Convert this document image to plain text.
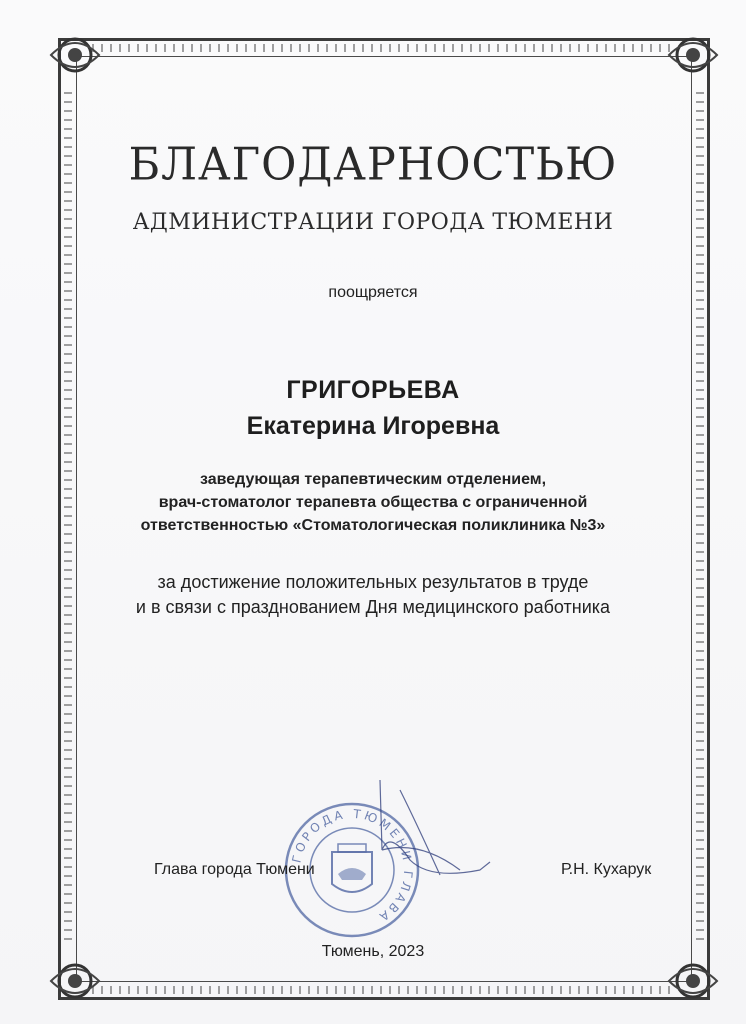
БЛАГОДАРНОСТЬЮ
АДМИНИСТРАЦИИ ГОРОДА ТЮМЕНИ
поощряется
ГРИГОРЬЕВА
Екатерина Игоревна
заведующая терапевтическим отделением,
врач-стоматолог терапевта общества с ограниченной
ответственностью «Стоматологическая поликлиника №3»
за достижение положительных результатов в труде
и в связи с празднованием Дня медицинского работника
ГОРОДА ТЮМЕНИ ГЛАВА
Глава города Тюмени	Р.Н. Кухарук
Тюмень, 2023
